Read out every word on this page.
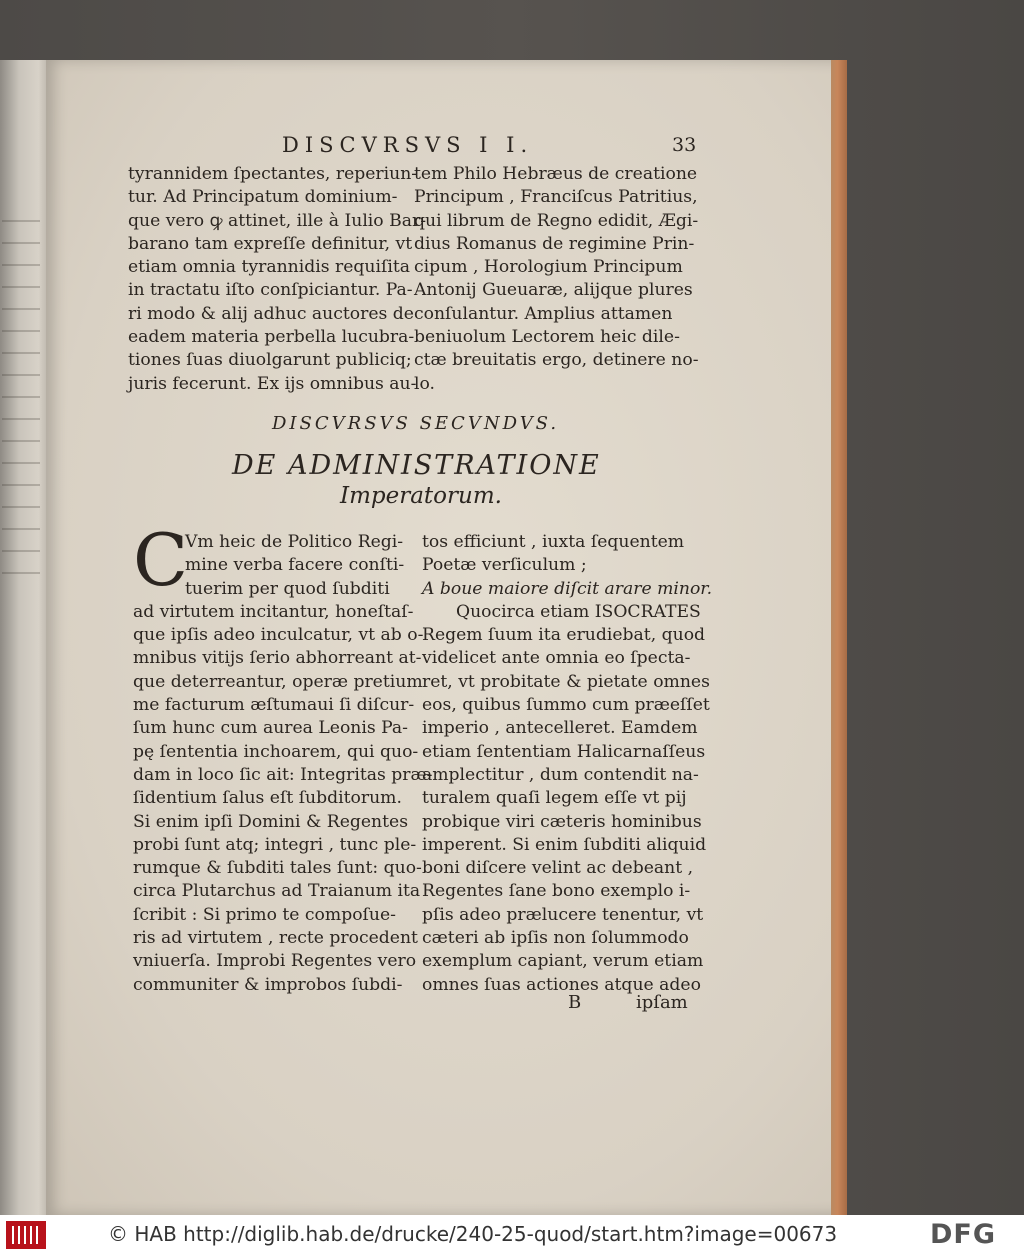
DISCVRSVS I I.	33
tyrannidem ſpectantes, reperiun-
tur. Ad Principatum dominium-
que vero ꝙ attinet, ille à Iulio Bar-
barano tam expreſſe definitur, vt
etiam omnia tyrannidis requiſita
in tractatu iſto conſpiciantur. Pa-
ri modo & alij adhuc auctores de
eadem materia perbella lucubra-
tiones ſuas diuolgarunt publiciq;
juris fecerunt. Ex ijs omnibus au-
tem Philo Hebræus de creatione
Principum , Franciſcus Patritius,
qui librum de Regno edidit, Ægi-
dius Romanus de regimine Prin-
cipum , Horologium Principum
Antonij Gueuaræ, alijque plures
conſulantur. Amplius attamen
beniuolum Lectorem heic dile-
ctæ breuitatis ergo, detinere no-
lo.
DISCVRSVS SECVNDVS.
DE ADMINISTRATIONE
Imperatorum.
C
Vm heic de Politico Regi-
mine verba facere conſti-
tuerim per quod ſubditi
ad virtutem incitantur, honeſtaſ-
que ipſis adeo inculcatur, vt ab o-
mnibus vitijs ſerio abhorreant at-
que deterreantur, operæ pretium
me facturum æſtumaui ſi diſcur-
ſum hunc cum aurea Leonis Pa-
pę ſententia inchoarem, qui quo-
dam in loco ſic ait: Integritas præ-
ſidentium ſalus eſt ſubditorum.
Si enim ipſi Domini & Regentes
probi ſunt atq; integri , tunc ple-
rumque & ſubditi tales ſunt: quo-
circa Plutarchus ad Traianum ita
ſcribit : Si primo te compoſue-
ris ad virtutem , recte procedent
vniuerſa. Improbi Regentes vero
communiter & improbos ſubdi-
tos efficiunt , iuxta ſequentem
Poetæ verſiculum ;
A boue maiore diſcit arare minor.
Quocirca etiam ISOCRATES
Regem ſuum ita erudiebat, quod
videlicet ante omnia eo ſpecta-
ret, vt probitate & pietate omnes
eos, quibus ſummo cum præeſſet
imperio , antecelleret. Eamdem
etiam ſententiam Halicarnaſſeus
amplectitur , dum contendit na-
turalem quaſi legem eſſe vt pij
probique viri cæteris hominibus
imperent. Si enim ſubditi aliquid
boni diſcere velint ac debeant ,
Regentes ſane bono exemplo i-
pſis adeo prælucere tenentur, vt
cæteri ab ipſis non ſolummodo
exemplum capiant, verum etiam
omnes ſuas actiones atque adeo
B	ipſam
© HAB http://diglib.hab.de/drucke/240-25-quod/start.htm?image=00673	DFG
